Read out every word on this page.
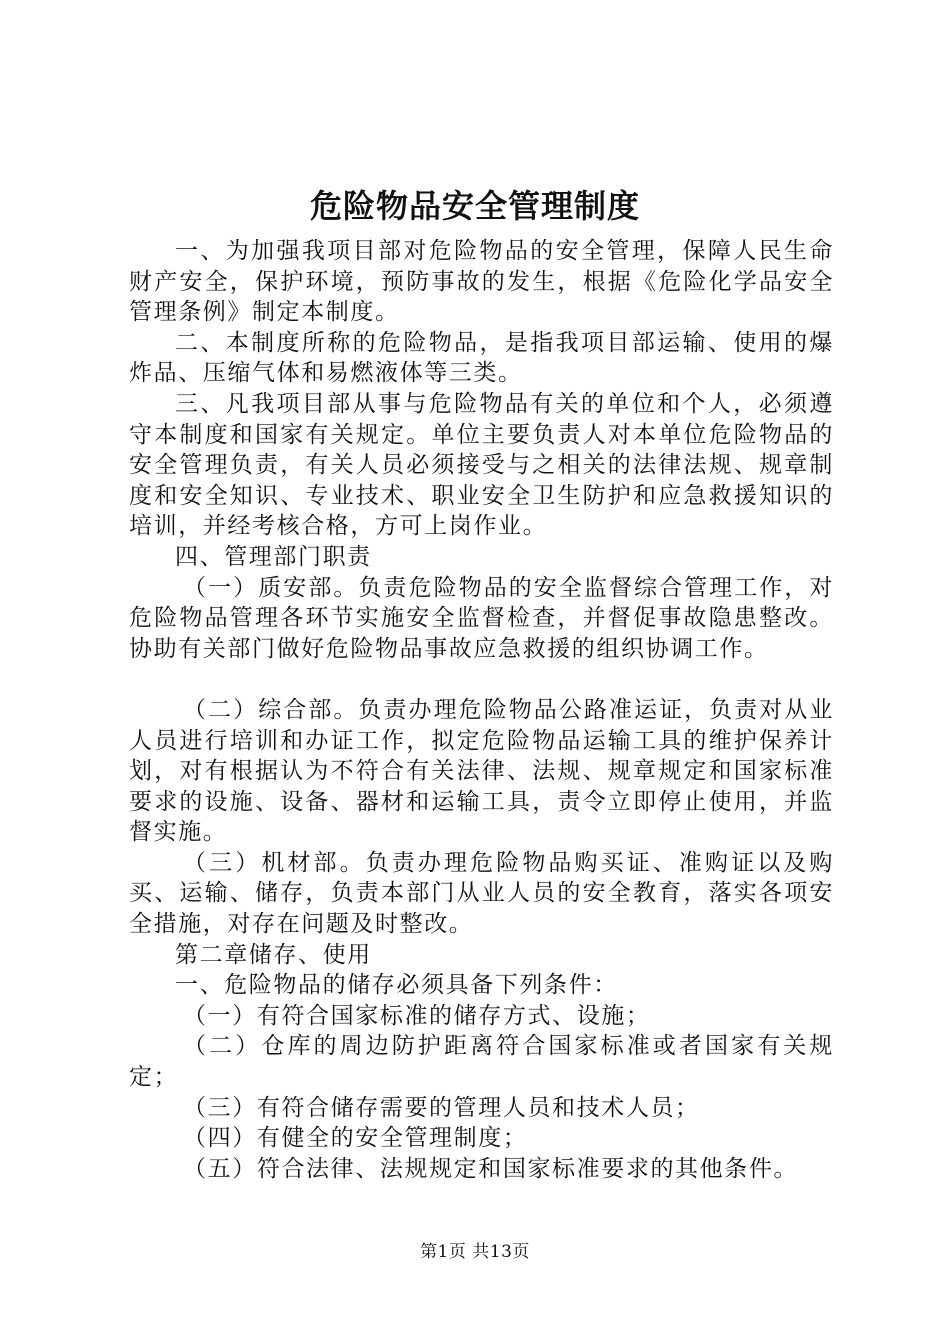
危险物品安全管理制度

一、为加强我项目部对危险物品的安全管理，保障人民生命财产安全，保护环境，预防事故的发生，根据《危险化学品安全管理条例》制定本制度。

二、本制度所称的危险物品，是指我项目部运输、使用的爆炸品、压缩气体和易燃液体等三类。

三、凡我项目部从事与危险物品有关的单位和个人，必须遵守本制度和国家有关规定。单位主要负责人对本单位危险物品的安全管理负责，有关人员必须接受与之相关的法律法规、规章制度和安全知识、专业技术、职业安全卫生防护和应急救援知识的培训，并经考核合格，方可上岗作业。

四、管理部门职责

（一）质安部。负责危险物品的安全监督综合管理工作，对危险物品管理各环节实施安全监督检查，并督促事故隐患整改。协助有关部门做好危险物品事故应急救援的组织协调工作。

（二）综合部。负责办理危险物品公路准运证，负责对从业人员进行培训和办证工作，拟定危险物品运输工具的维护保养计划，对有根据认为不符合有关法律、法规、规章规定和国家标准要求的设施、设备、器材和运输工具，责令立即停止使用，并监督实施。

（三）机材部。负责办理危险物品购买证、准购证以及购买、运输、储存，负责本部门从业人员的安全教育，落实各项安全措施，对存在问题及时整改。

第二章储存、使用

一、危险物品的储存必须具备下列条件：

（一）有符合国家标准的储存方式、设施；

（二）仓库的周边防护距离符合国家标准或者国家有关规定；

（三）有符合储存需要的管理人员和技术人员；

（四）有健全的安全管理制度；

（五）符合法律、法规规定和国家标准要求的其他条件。

第1页 共13页
